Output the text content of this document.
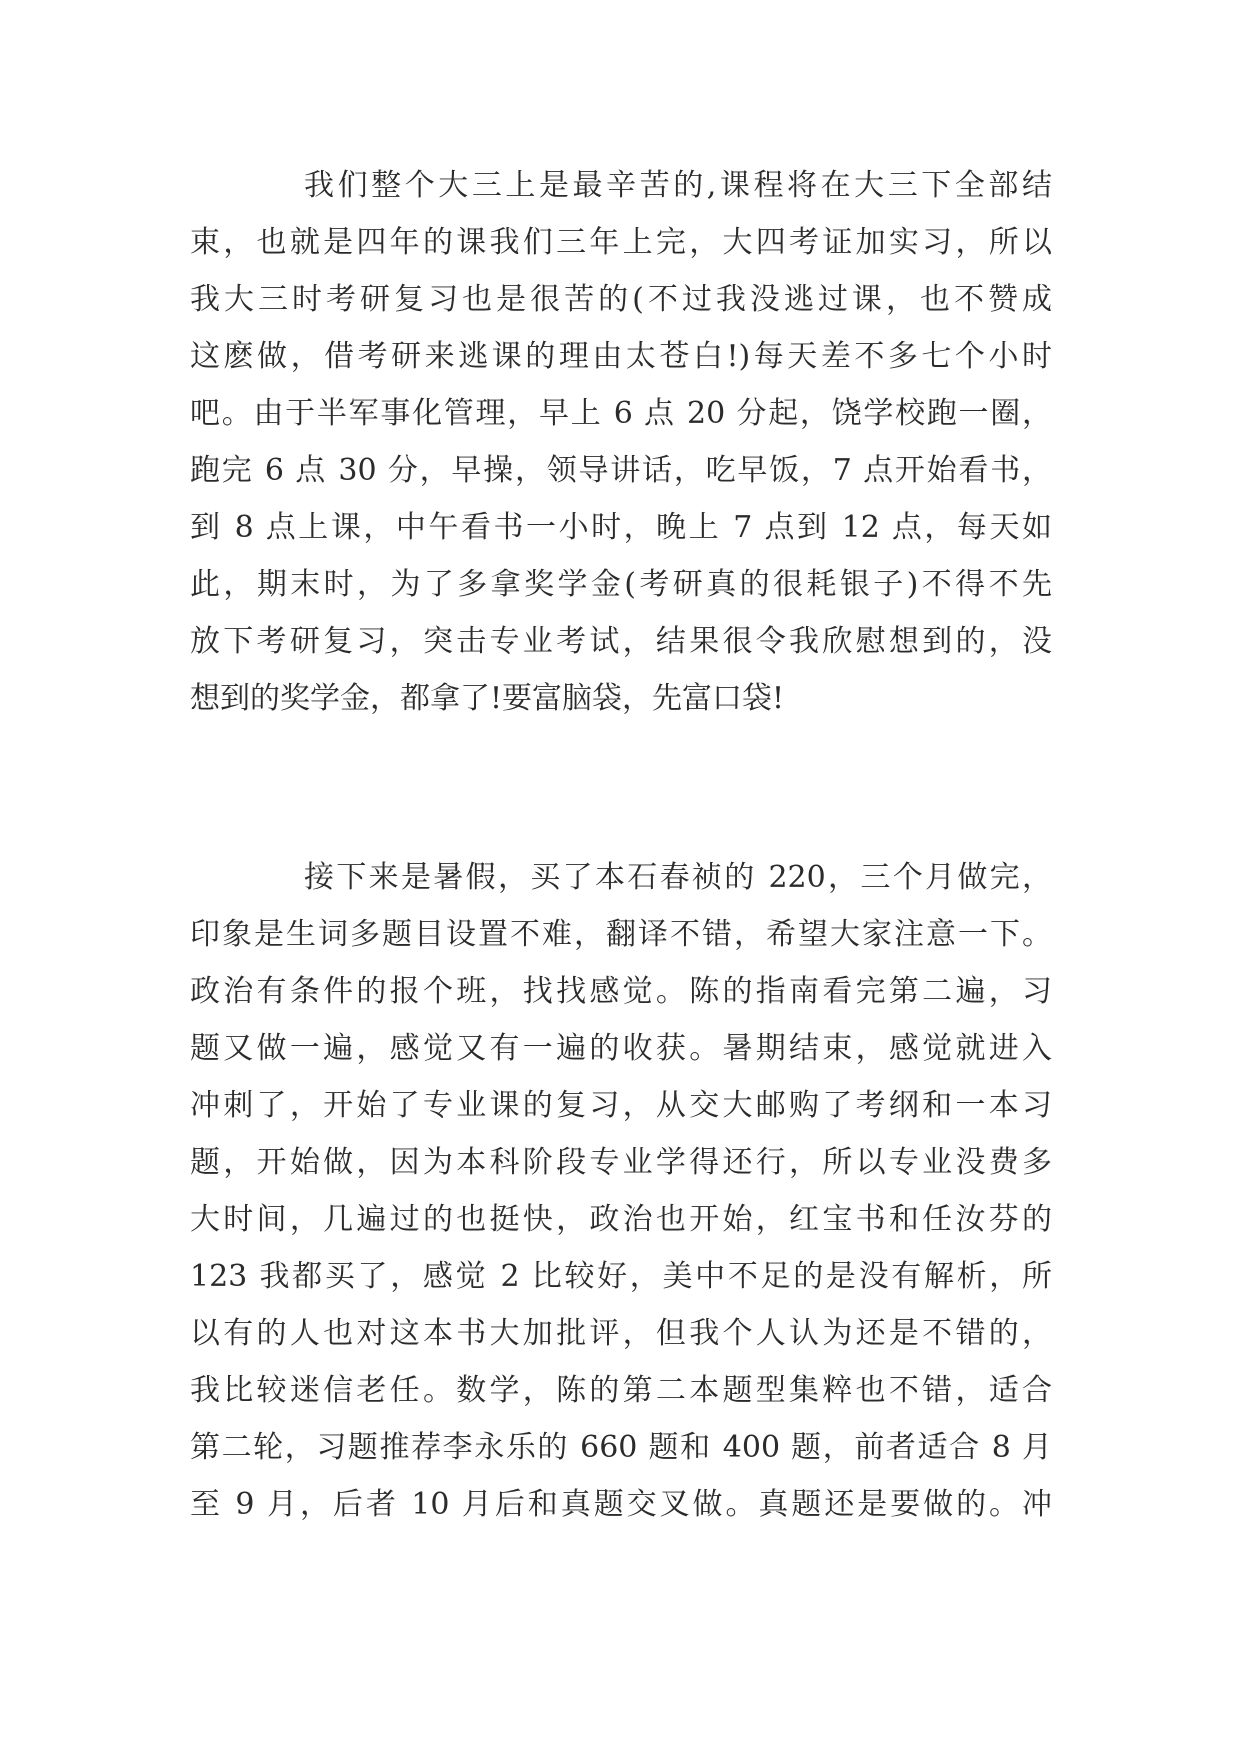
我们整个大三上是最辛苦的,课程将在大三下全部结
束，也就是四年的课我们三年上完，大四考证加实习，所以
我大三时考研复习也是很苦的(不过我没逃过课，也不赞成
这麽做，借考研来逃课的理由太苍白!)每天差不多七个小时
吧。由于半军事化管理，早上 6 点 20 分起，饶学校跑一圈，
跑完 6 点 30 分，早操，领导讲话，吃早饭，7 点开始看书，
到 8 点上课，中午看书一小时，晚上 7 点到 12 点，每天如
此，期末时，为了多拿奖学金(考研真的很耗银子)不得不先
放下考研复习，突击专业考试，结果很令我欣慰想到的，没
想到的奖学金，都拿了!要富脑袋，先富口袋!
接下来是暑假，买了本石春祯的 220，三个月做完，
印象是生词多题目设置不难，翻译不错，希望大家注意一下。
政治有条件的报个班，找找感觉。陈的指南看完第二遍，习
题又做一遍，感觉又有一遍的收获。暑期结束，感觉就进入
冲刺了，开始了专业课的复习，从交大邮购了考纲和一本习
题，开始做，因为本科阶段专业学得还行，所以专业没费多
大时间，几遍过的也挺快，政治也开始，红宝书和任汝芬的
123 我都买了，感觉 2 比较好，美中不足的是没有解析，所
以有的人也对这本书大加批评，但我个人认为还是不错的，
我比较迷信老任。数学，陈的第二本题型集粹也不错，适合
第二轮，习题推荐李永乐的 660 题和 400 题，前者适合 8 月
至 9 月，后者 10 月后和真题交叉做。真题还是要做的。冲
